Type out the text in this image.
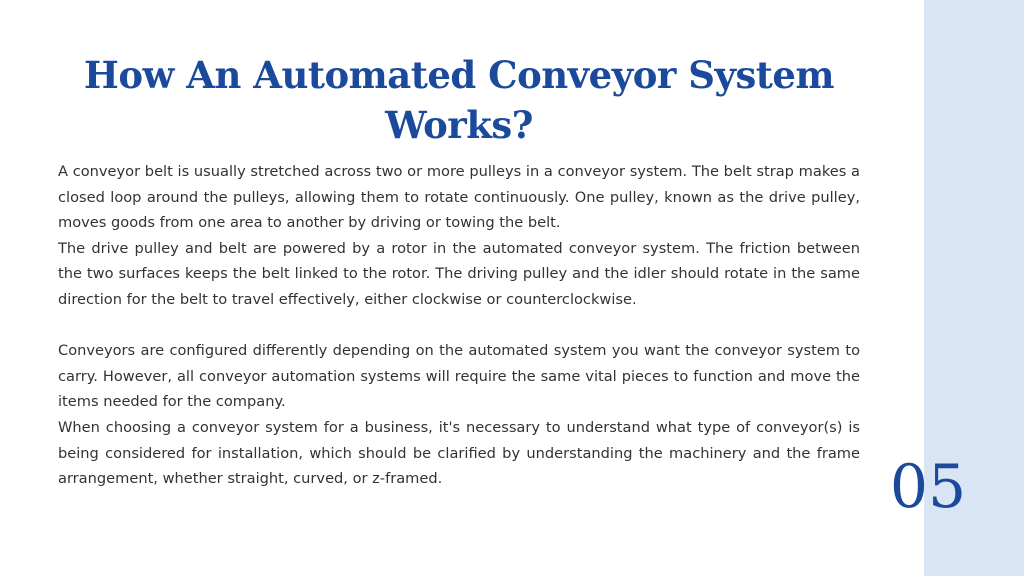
How An Automated Conveyor System Works?

A conveyor belt is usually stretched across two or more pulleys in a conveyor system. The belt strap makes a closed loop around the pulleys, allowing them to rotate continuously. One pulley, known as the drive pulley, moves goods from one area to another by driving or towing the belt.

The drive pulley and belt are powered by a rotor in the automated conveyor system. The friction between the two surfaces keeps the belt linked to the rotor. The driving pulley and the idler should rotate in the same direction for the belt to travel effectively, either clockwise or counterclockwise.

Conveyors are configured differently depending on the automated system you want the conveyor system to carry. However, all conveyor automation systems will require the same vital pieces to function and move the items needed for the company.

When choosing a conveyor system for a business, it's necessary to understand what type of conveyor(s) is being considered for installation, which should be clarified by understanding the machinery and the frame arrangement, whether straight, curved, or z-framed.	05
